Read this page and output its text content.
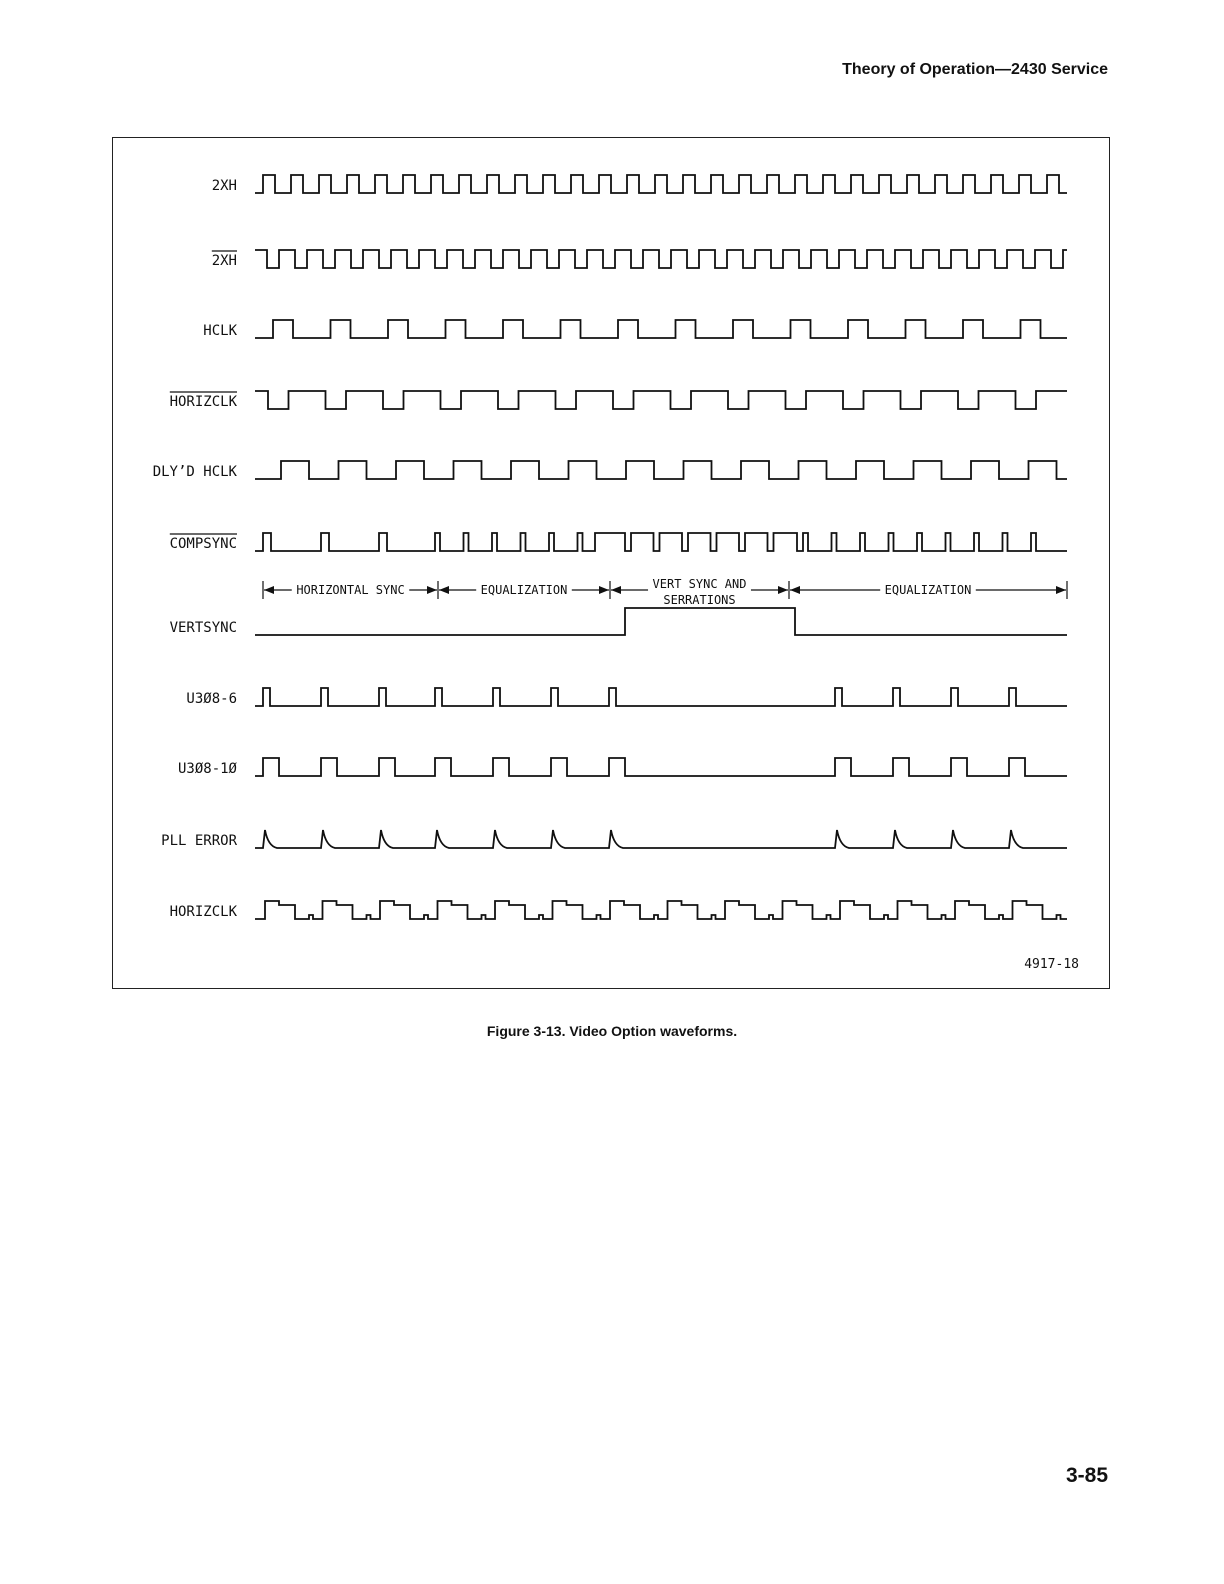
Theory of Operation—2430 Service
2XH
2XH
HCLK
HORIZCLK
DLY’D HCLK
COMPSYNC
VERTSYNC
U3Ø8-6
U3Ø8-1Ø
PLL ERROR
HORIZCLK
HORIZONTAL SYNC	EQUALIZATION	VERT SYNC AND
SERRATIONS
EQUALIZATION
4917-18
Figure 3-13. Video Option waveforms.
3-85
